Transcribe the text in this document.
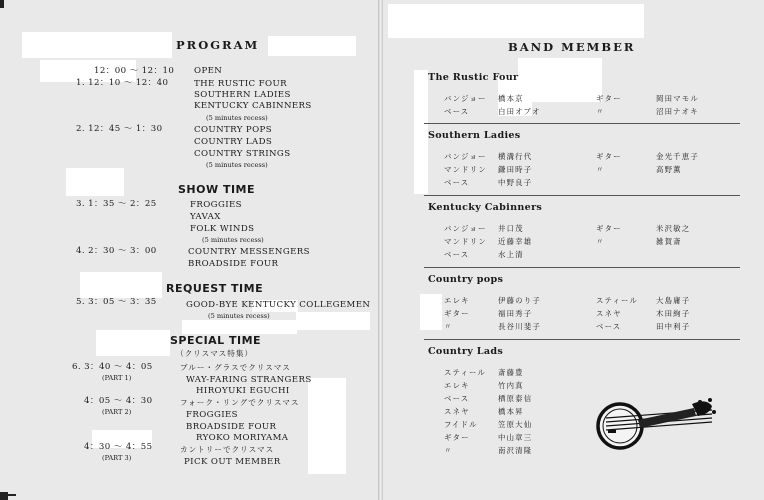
PROGRAM
12：00 ～ 12：10 OPEN
1. 12：10 ～ 12：40	THE RUSTIC FOUR
SOUTHERN LADIES
KENTUCKY CABINNERS
(5 minutes recess)
2. 12：45 ～ 1：30	COUNTRY POPS
COUNTRY LADS
COUNTRY STRINGS
(5 minutes recess)
SHOW TIME
3. 1：35 ～ 2：25	FROGGIES
YAVAX
FOLK WINDS
(5 minutes recess)
4. 2：30 ～ 3：00	COUNTRY MESSENGERS
BROADSIDE FOUR
REQUEST TIME
5. 3：05 ～ 3：35	GOOD-BYE KENTUCKY COLLEGEMEN
(5 minutes recess)
SPECIAL TIME
（クリスマス特集）
6. 3：40 ～ 4：05
(PART 1)
ブルー・グラスでクリスマス
WAY-FARING STRANGERS
HIROYUKI EGUCHI
4：05 ～ 4：30
(PART 2)
フォーク・リングでクリスマス
FROGGIES
BROADSIDE FOUR
RYOKO MORIYAMA
4：30 ～ 4：55
(PART 3)
カントリーでクリスマス
PICK OUT MEMBER
BAND MEMBER
The Rustic Four
バンジョー 橋本京	ギター	岡田マモル
ベース	白田オブオ	〃	沼田ナオキ
Southern Ladies
バンジョー 横溝行代	ギター	金光千恵子
マンドリン 鎌田時子	〃	高野薫
ベース	中野良子
Kentucky Cabinners
バンジョー 井口茂	ギター	米沢敏之
マンドリン 近藤幸雄	〃	雑賀斎
ベース	水上清
Country pops
エレキ	伊藤のり子	スティール 大島庸子
ギター	福田秀子	スネヤ	木田絢子
〃	長谷川斐子	ベース	田中利子
Country Lads
スティール 斎藤豊
エレキ	竹内真
ベース	栖原泰信
スネヤ	橋本昇
フイドル	笠原大仙
ギター	中山章三
〃	南沢清隆
